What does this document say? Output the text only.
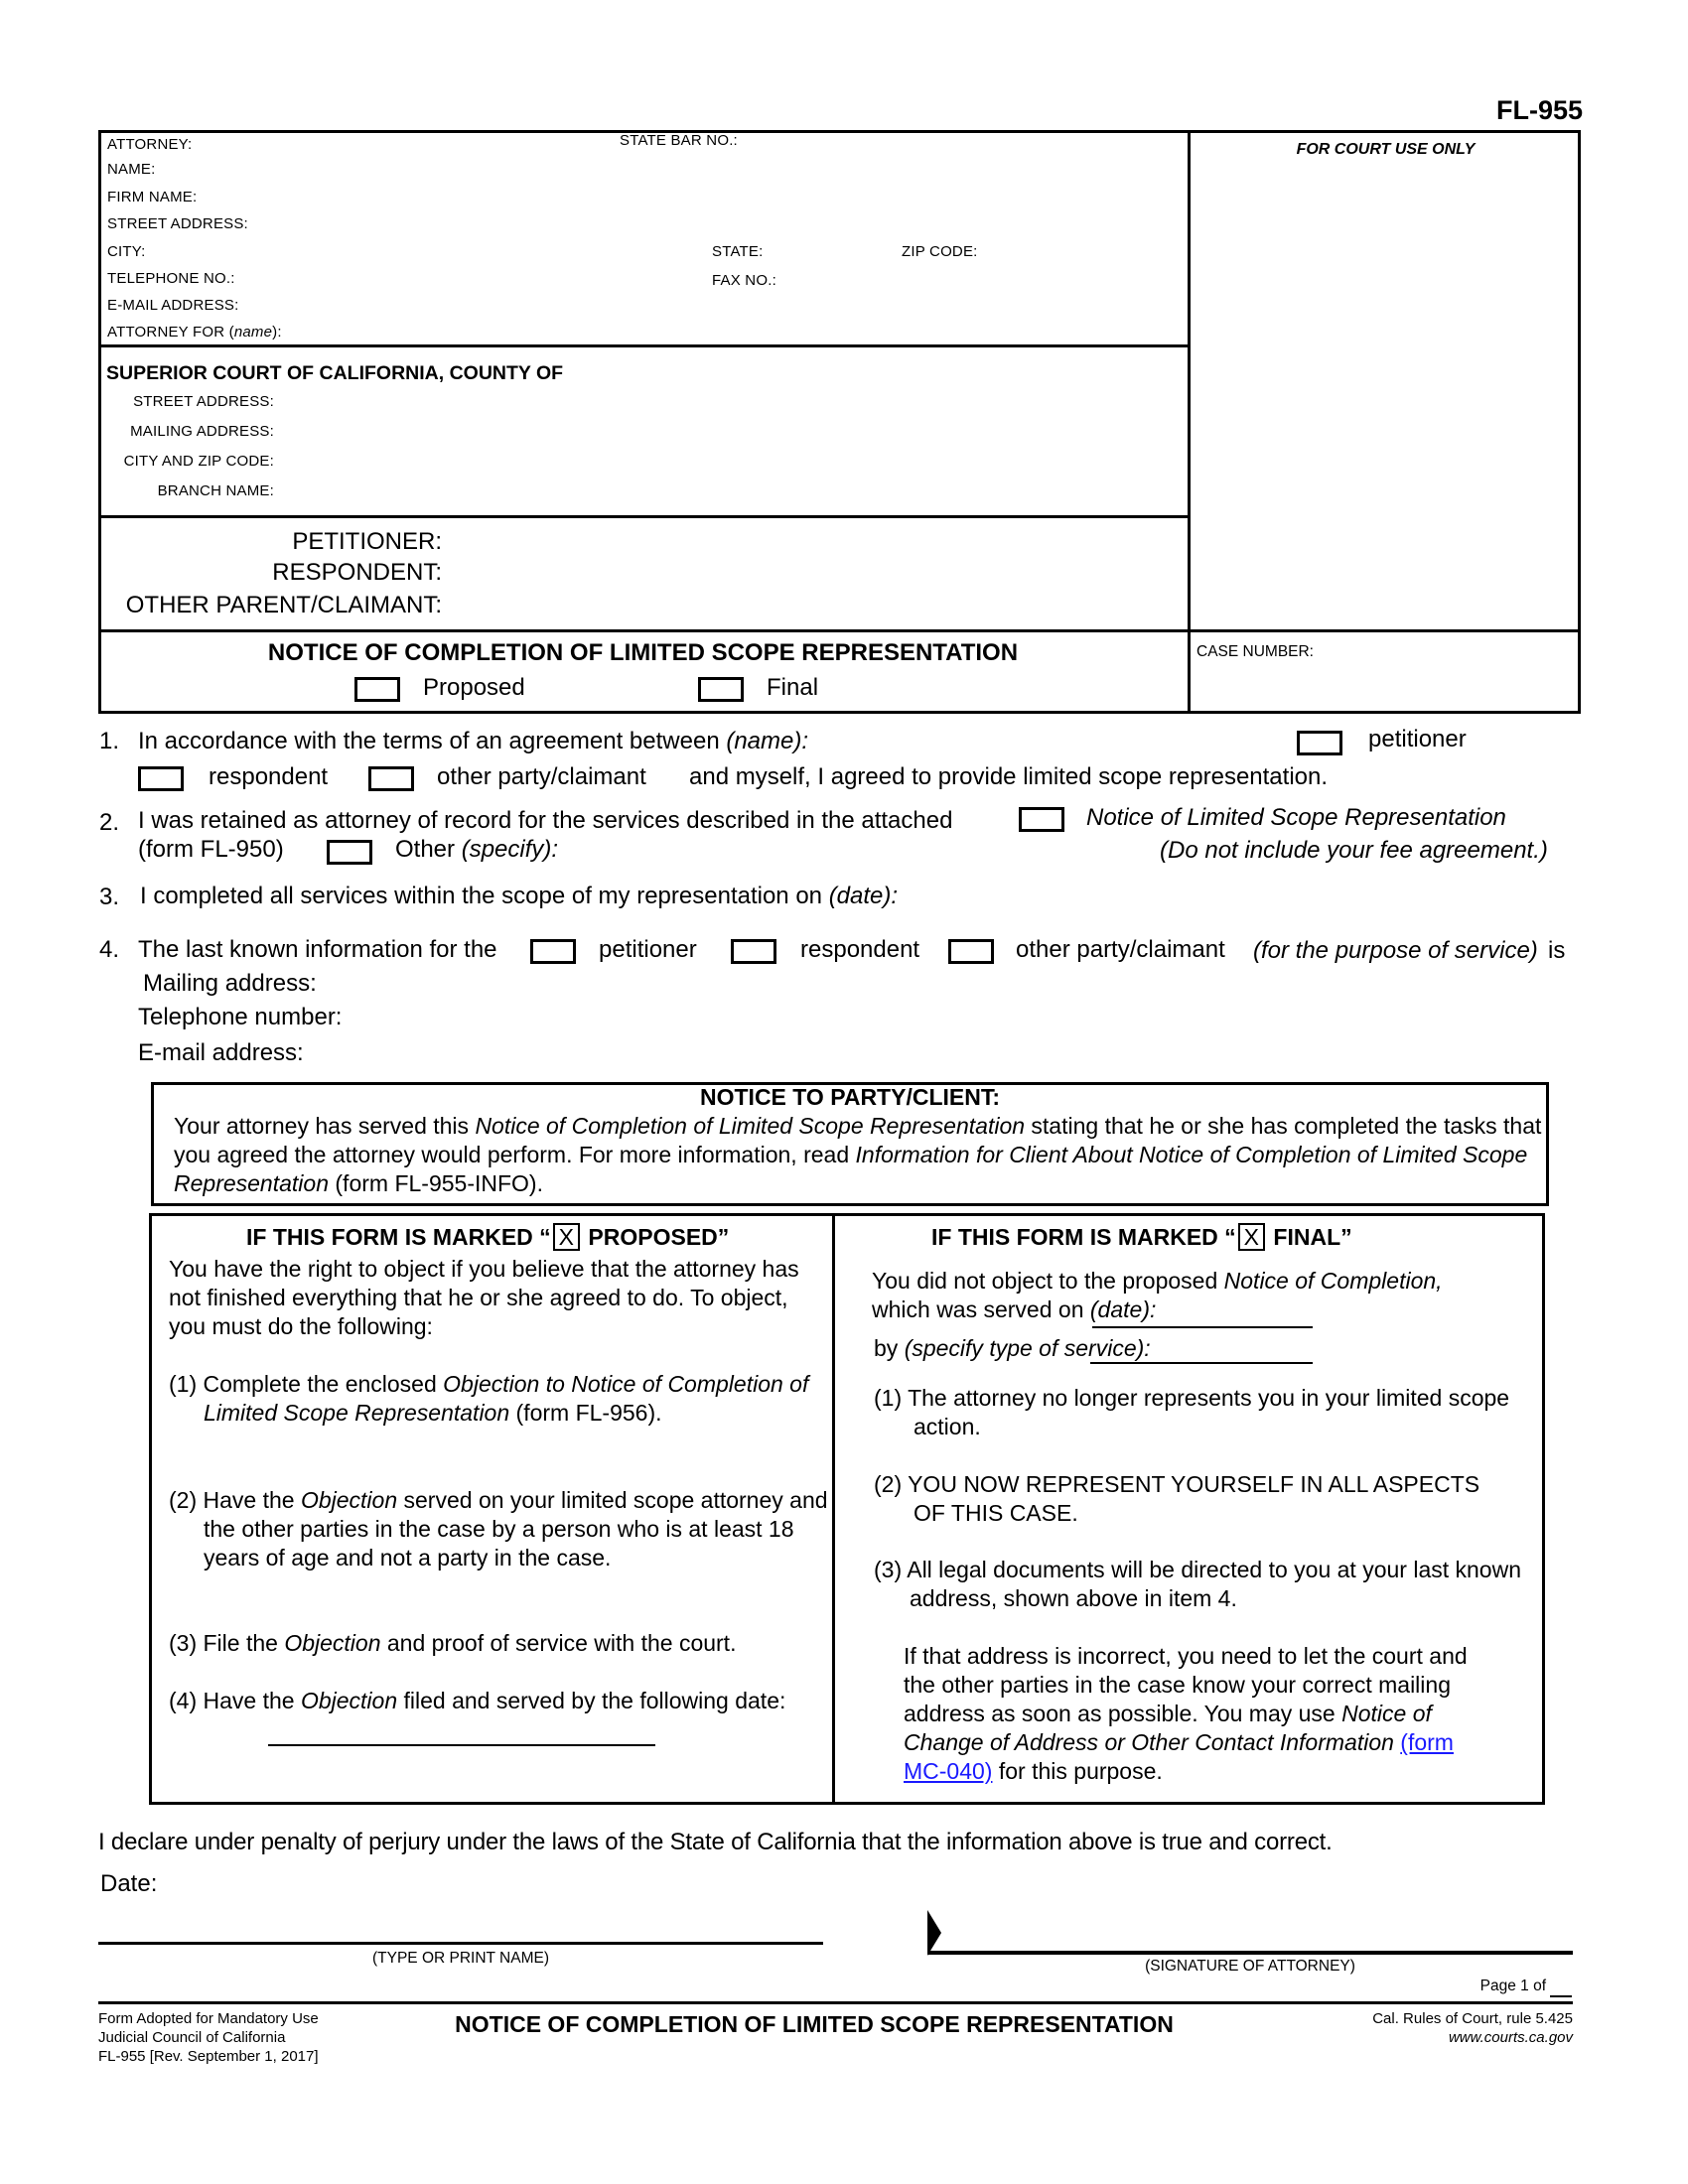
FL-955
ATTORNEY:	STATE BAR NO.:
NAME:
FIRM NAME:
STREET ADDRESS:
CITY:	STATE:	ZIP CODE:
TELEPHONE NO.:	FAX NO.:
E-MAIL ADDRESS:
ATTORNEY FOR (name):
FOR COURT USE ONLY
SUPERIOR COURT OF CALIFORNIA, COUNTY OF
STREET ADDRESS:
MAILING ADDRESS:
CITY AND ZIP CODE:
BRANCH NAME:
PETITIONER:
RESPONDENT:
OTHER PARENT/CLAIMANT:
NOTICE OF COMPLETION OF LIMITED SCOPE REPRESENTATION
Proposed	Final
CASE NUMBER:
1. In accordance with the terms of an agreement between (name):	petitioner
respondent	other party/claimant and myself, I agreed to provide limited scope representation.
2. I was retained as attorney of record for the services described in the attached	Notice of Limited Scope Representation
(form FL-950)	Other (specify):	(Do not include your fee agreement.)
3. I completed all services within the scope of my representation on (date):
4. The last known information for the	petitioner	respondent	other party/claimant (for the purpose of service) is
Mailing address:
Telephone number:
E-mail address:
NOTICE TO PARTY/CLIENT:
Your attorney has served this Notice of Completion of Limited Scope Representation stating that he or she has completed the tasks that you agreed the attorney would perform. For more information, read Information for Client About Notice of Completion of Limited Scope Representation (form FL-955-INFO).
IF THIS FORM IS MARKED “ X PROPOSED”
You have the right to object if you believe that the attorney has not finished everything that he or she agreed to do. To object, you must do the following:
(1) Complete the enclosed Objection to Notice of Completion of Limited Scope Representation (form FL-956).
(2) Have the Objection served on your limited scope attorney and the other parties in the case by a person who is at least 18 years of age and not a party in the case.
(3) File the Objection and proof of service with the court.
(4) Have the Objection filed and served by the following date:
IF THIS FORM IS MARKED “ X FINAL”
You did not object to the proposed Notice of Completion,
which was served on (date):
by (specify type of service):
(1) The attorney no longer represents you in your limited scope action.
(2) YOU NOW REPRESENT YOURSELF IN ALL ASPECTS OF THIS CASE.
(3) All legal documents will be directed to you at your last known address, shown above in item 4.
If that address is incorrect, you need to let the court and the other parties in the case know your correct mailing address as soon as possible. You may use Notice of Change of Address or Other Contact Information (form MC-040) for this purpose.
I declare under penalty of perjury under the laws of the State of California that the information above is true and correct.
Date:
(TYPE OR PRINT NAME)	(SIGNATURE OF ATTORNEY)
Page 1 of
Form Adopted for Mandatory Use
Judicial Council of California
FL-955 [Rev. September 1, 2017]
NOTICE OF COMPLETION OF LIMITED SCOPE REPRESENTATION	Cal. Rules of Court, rule 5.425
www.courts.ca.gov
